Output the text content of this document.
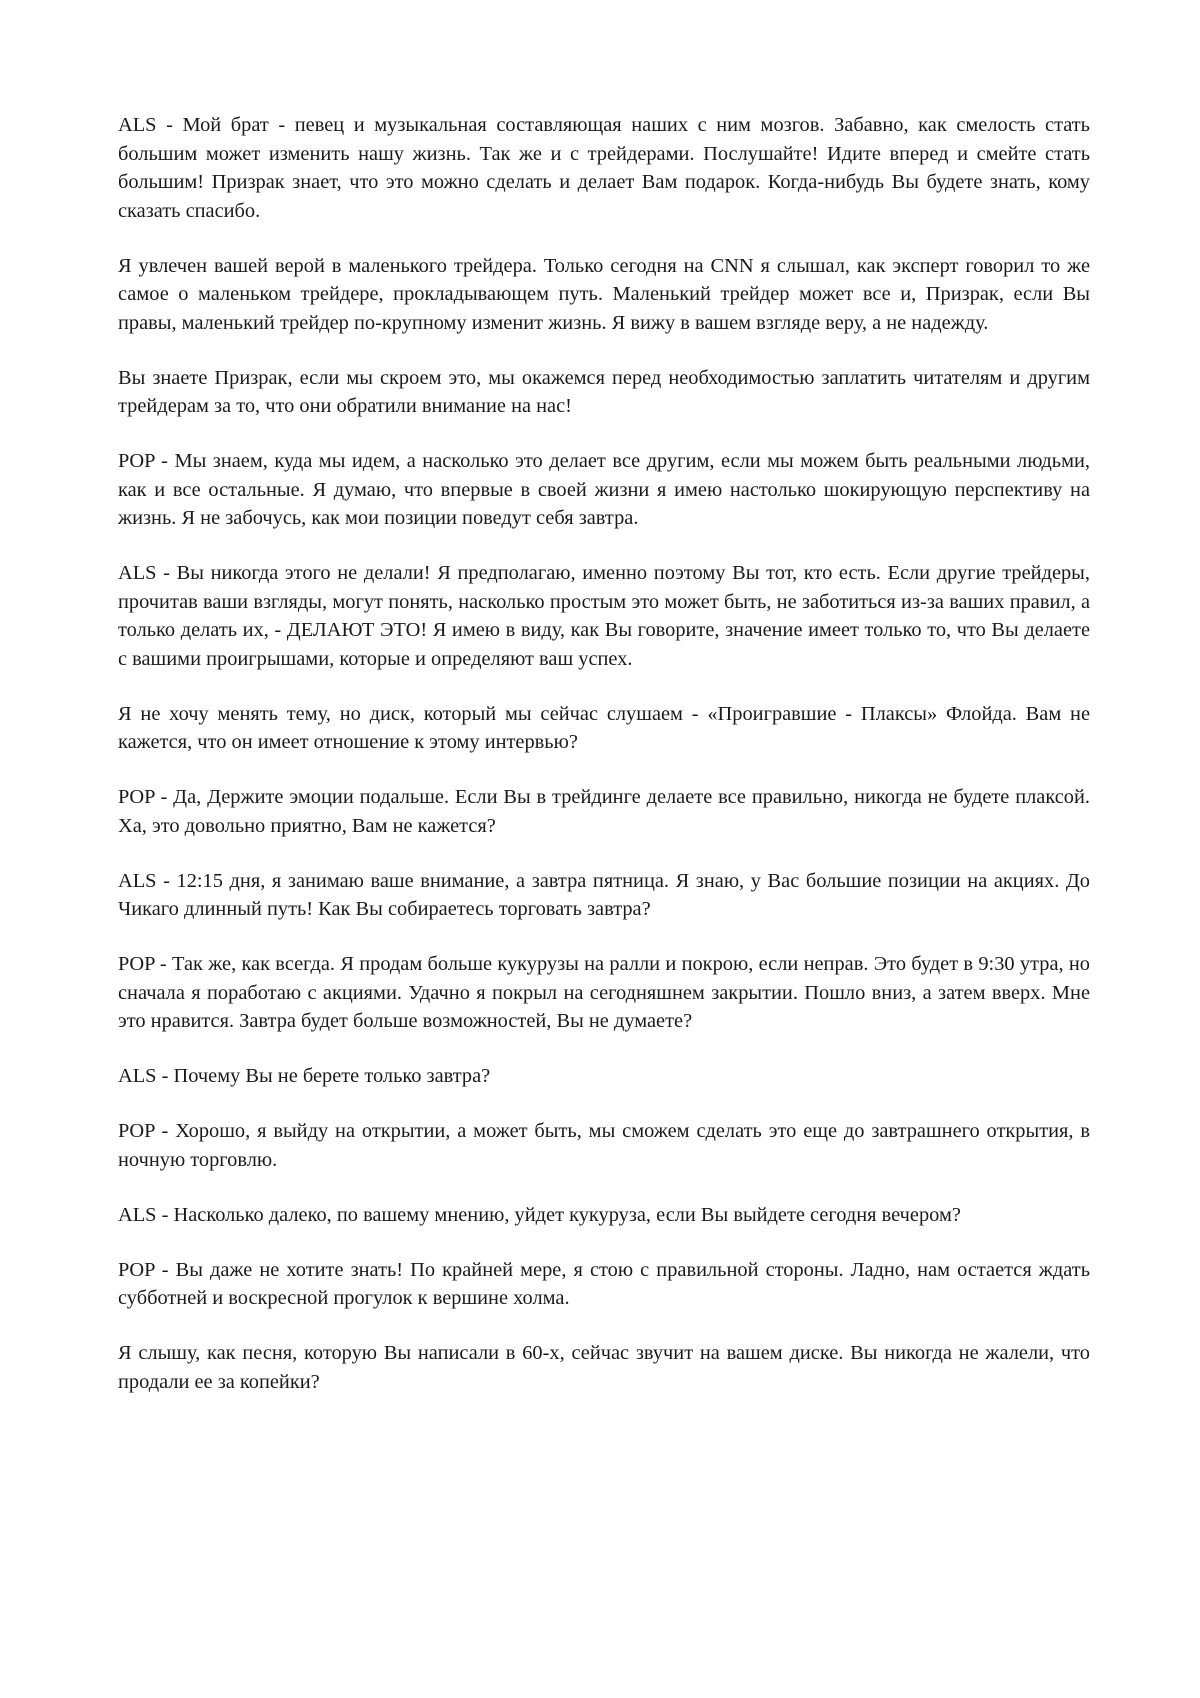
ALS - Мой брат - певец и музыкальная составляющая наших с ним мозгов. Забавно, как смелость стать большим может изменить нашу жизнь. Так же и с трейдерами. Послушайте! Идите вперед и смейте стать большим! Призрак знает, что это можно сделать и делает Вам подарок. Когда-нибудь Вы будете знать, кому сказать спасибо.

Я увлечен вашей верой в маленького трейдера. Только сегодня на CNN я слышал, как эксперт говорил то же самое о маленьком трейдере, прокладывающем путь. Маленький трейдер может все и, Призрак, если Вы правы, маленький трейдер по-крупному изменит жизнь. Я вижу в вашем взгляде веру, а не надежду.

Вы знаете Призрак, если мы скроем это, мы окажемся перед необходимостью заплатить читателям и другим трейдерам за то, что они обратили внимание на нас!

POP - Мы знаем, куда мы идем, а насколько это делает все другим, если мы можем быть реальными людьми, как и все остальные. Я думаю, что впервые в своей жизни я имею настолько шокирующую перспективу на жизнь. Я не забочусь, как мои позиции поведут себя завтра.

ALS - Вы никогда этого не делали! Я предполагаю, именно поэтому Вы тот, кто есть. Если другие трейдеры, прочитав ваши взгляды, могут понять, насколько простым это может быть, не заботиться из-за ваших правил, а только делать их, - ДЕЛАЮТ ЭТО! Я имею в виду, как Вы говорите, значение имеет только то, что Вы делаете с вашими проигрышами, которые и определяют ваш успех.

Я не хочу менять тему, но диск, который мы сейчас слушаем - «Проигравшие - Плаксы» Флойда. Вам не кажется, что он имеет отношение к этому интервью?

POP - Да, Держите эмоции подальше. Если Вы в трейдинге делаете все правильно, никогда не будете плаксой. Ха, это довольно приятно, Вам не кажется?

ALS - 12:15 дня, я занимаю ваше внимание, а завтра пятница. Я знаю, у Вас большие позиции на акциях. До Чикаго длинный путь! Как Вы собираетесь торговать завтра?

POP - Так же, как всегда. Я продам больше кукурузы на ралли и покрою, если неправ. Это будет в 9:30 утра, но сначала я поработаю с акциями. Удачно я покрыл на сегодняшнем закрытии. Пошло вниз, а затем вверх. Мне это нравится. Завтра будет больше возможностей, Вы не думаете?

ALS - Почему Вы не берете только завтра?

POP - Хорошо, я выйду на открытии, а может быть, мы сможем сделать это еще до завтрашнего открытия, в ночную торговлю.

ALS - Насколько далеко, по вашему мнению, уйдет кукуруза, если Вы выйдете сегодня вечером?

POP - Вы даже не хотите знать! По крайней мере, я стою с правильной стороны. Ладно, нам остается ждать субботней и воскресной прогулок к вершине холма.

Я слышу, как песня, которую Вы написали в 60-х, сейчас звучит на вашем диске. Вы никогда не жалели, что продали ее за копейки?
